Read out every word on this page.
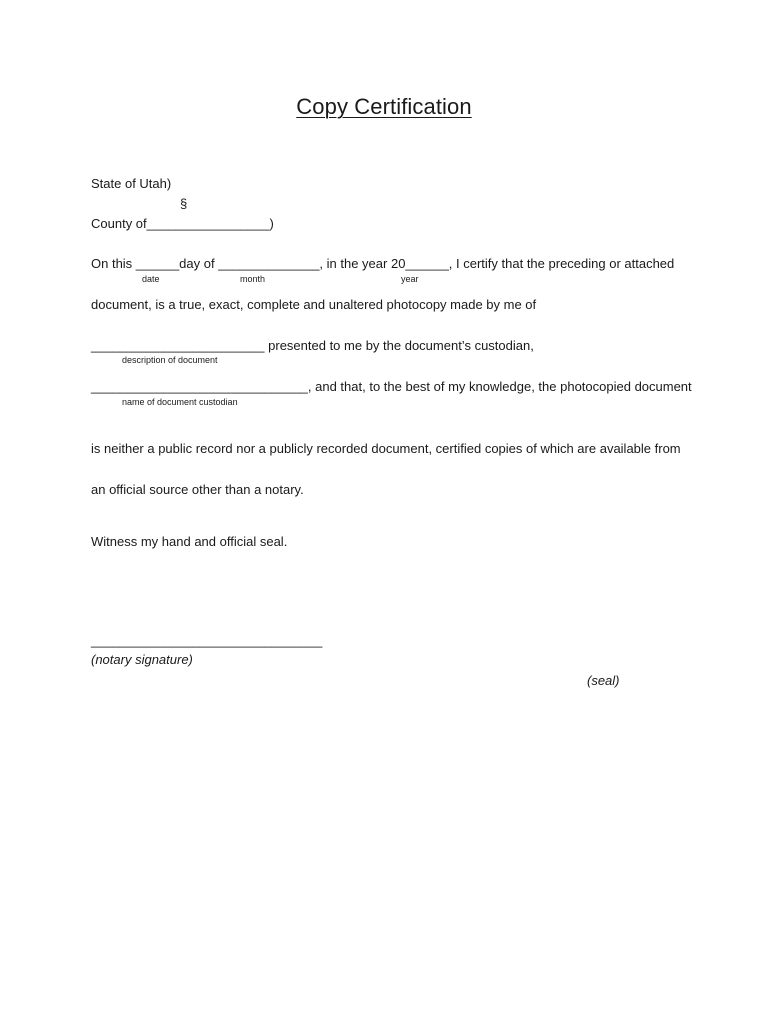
Copy Certification
State of Utah)
§
County of_________________)
On this ______day of ______________, in the year 20______, I certify that the preceding or attached
date	month	year
document, is a true, exact, complete and unaltered photocopy made by me of
________________________ presented to me by the document’s custodian,
description of document
______________________________, and that, to the best of my knowledge, the photocopied document
name of document custodian
is neither a public record nor a publicly recorded document, certified copies of which are available from
an official source other than a notary.
Witness my hand and official seal.
________________________________
(notary signature)
(seal)
